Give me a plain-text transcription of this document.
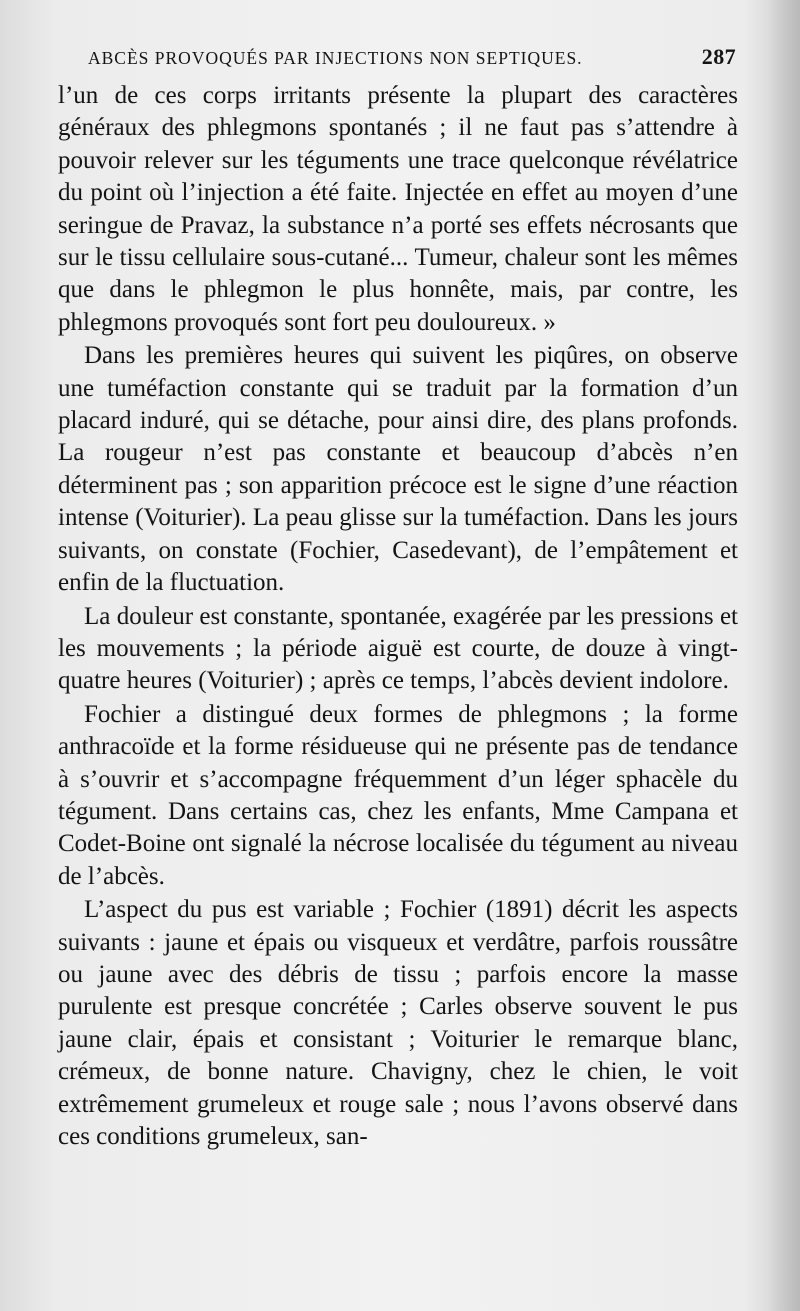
ABCÈS PROVOQUÉS PAR INJECTIONS NON SEPTIQUES.	287

l’un de ces corps irritants présente la plupart des caractères généraux des phlegmons spontanés ; il ne faut pas s’attendre à pouvoir relever sur les téguments une trace quelconque révélatrice du point où l’injection a été faite. Injectée en effet au moyen d’une seringue de Pravaz, la substance n’a porté ses effets nécrosants que sur le tissu cellulaire sous-cutané... Tumeur, chaleur sont les mêmes que dans le phlegmon le plus honnête, mais, par contre, les phlegmons provoqués sont fort peu douloureux. »

Dans les premières heures qui suivent les piqûres, on observe une tuméfaction constante qui se traduit par la formation d’un placard induré, qui se détache, pour ainsi dire, des plans profonds. La rougeur n’est pas constante et beaucoup d’abcès n’en déterminent pas ; son apparition précoce est le signe d’une réaction intense (Voiturier). La peau glisse sur la tuméfaction. Dans les jours suivants, on constate (Fochier, Casedevant), de l’empâtement et enfin de la fluctuation.

La douleur est constante, spontanée, exagérée par les pressions et les mouvements ; la période aiguë est courte, de douze à vingt-quatre heures (Voiturier) ; après ce temps, l’abcès devient indolore.

Fochier a distingué deux formes de phlegmons ; la forme anthracoïde et la forme résidueuse qui ne présente pas de tendance à s’ouvrir et s’accompagne fréquemment d’un léger sphacèle du tégument. Dans certains cas, chez les enfants, Mme Campana et Codet-Boine ont signalé la nécrose localisée du tégument au niveau de l’abcès.

L’aspect du pus est variable ; Fochier (1891) décrit les aspects suivants : jaune et épais ou visqueux et verdâtre, parfois roussâtre ou jaune avec des débris de tissu ; parfois encore la masse purulente est presque concrétée ; Carles observe souvent le pus jaune clair, épais et consistant ; Voiturier le remarque blanc, crémeux, de bonne nature. Chavigny, chez le chien, le voit extrêmement grumeleux et rouge sale ; nous l’avons observé dans ces conditions grumeleux, san-
